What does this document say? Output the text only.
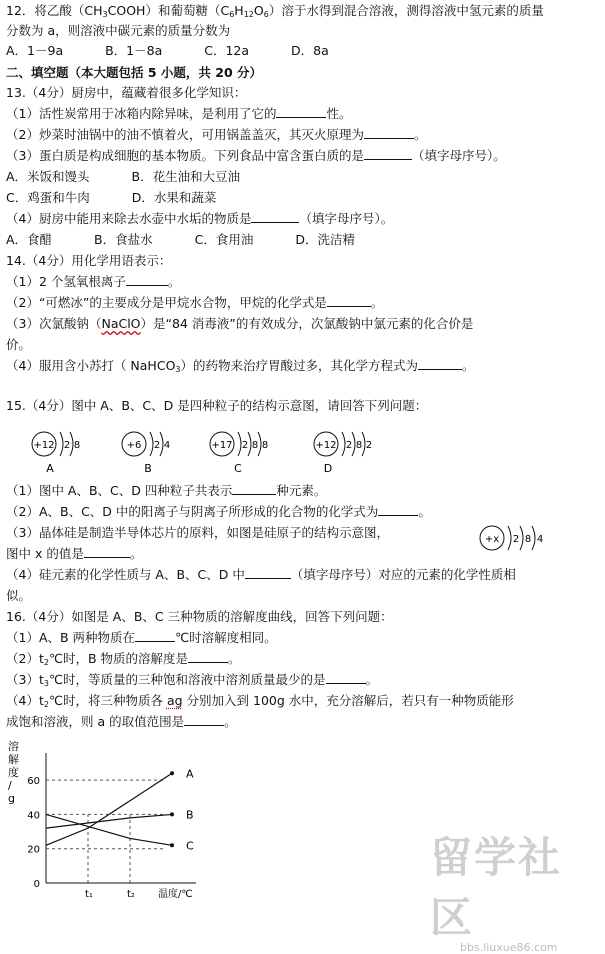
12．将乙酸$(CH_3COOH)$和葡萄糖$(C_6H_{12}O_6)$溶于水得到混合溶液，测得溶液中氢元素的质量
分数为 a，则溶液中碳元素的质量分数为
A．1－9a	B．1－8a	C．12a	D．8a
二、填空题（本大题包括 5 小题，共 20 分）
13.（4分）厨房中，蕴藏着很多化学知识：
（1）活性炭常用于冰箱内除异味，是利用了它的	性。
（2）炒菜时油锅中的油不慎着火，可用锅盖盖灭，其灭火原理为	。
（3）蛋白质是构成细胞的基本物质。下列食品中富含蛋白质的是	（填字母序号）。
A．米饭和馒头	B．花生油和大豆油
C．鸡蛋和牛肉	D．水果和蔬菜
（4）厨房中能用来除去水壶中水垢的物质是	（填字母序号）。
A．食醋	B．食盐水	C．食用油	D．洗洁精
14.（4分）用化学用语表示：
（1）2 个氢氧根离子	。
（2）“可燃冰”的主要成分是甲烷水合物，甲烷的化学式是	。
（3）次氯酸钠（NaClO）是“84 消毒液”的有效成分，次氯酸钠中氯元素的化合价是
价。
（4）服用含小苏打（ NaHCO$_3$）的药物来治疗胃酸过多，其化学方程式为	。
15.（4分）图中 A、B、C、D 是四种粒子的结构示意图，请回答下列问题：
+12 2 8
A
+6 2 4
B
+17 2 8 8
C
+12 2 8 2
D
（1）图中 A、B、C、D 四种粒子共表示	种元素。
（2）A、B、C、D 中的阳离子与阴离子所形成的化合物的化学式为	。
（3）晶体硅是制造半导体芯片的原料，如图是硅原子的结构示意图，
图中 x 的值是	。
+x 2 8 4
（4）硅元素的化学性质与 A、B、C、D 中	（填字母序号）对应的元素的化学性质相
似。
16.（4分）如图是 A、B、C 三种物质的溶解度曲线，回答下列问题：
（1）A、B 两种物质在	℃时溶解度相同。
$(2)t_2℃$时，B 物质的溶解度是	。
$(3)t_3℃$时，等质量的三种饱和溶液中溶剂质量最少的是	。
$(4)t_2℃$时，将三种物质各 ag 分别加入到 100g 水中，充分溶解后，若只有一种物质能形
成饱和溶液，则 a 的取值范围是	。
溶
解
度
/
g
0
20
40
60
t₁	t₂ 温度/℃
A
B
C	留学社区
bbs.liuxue86.com
